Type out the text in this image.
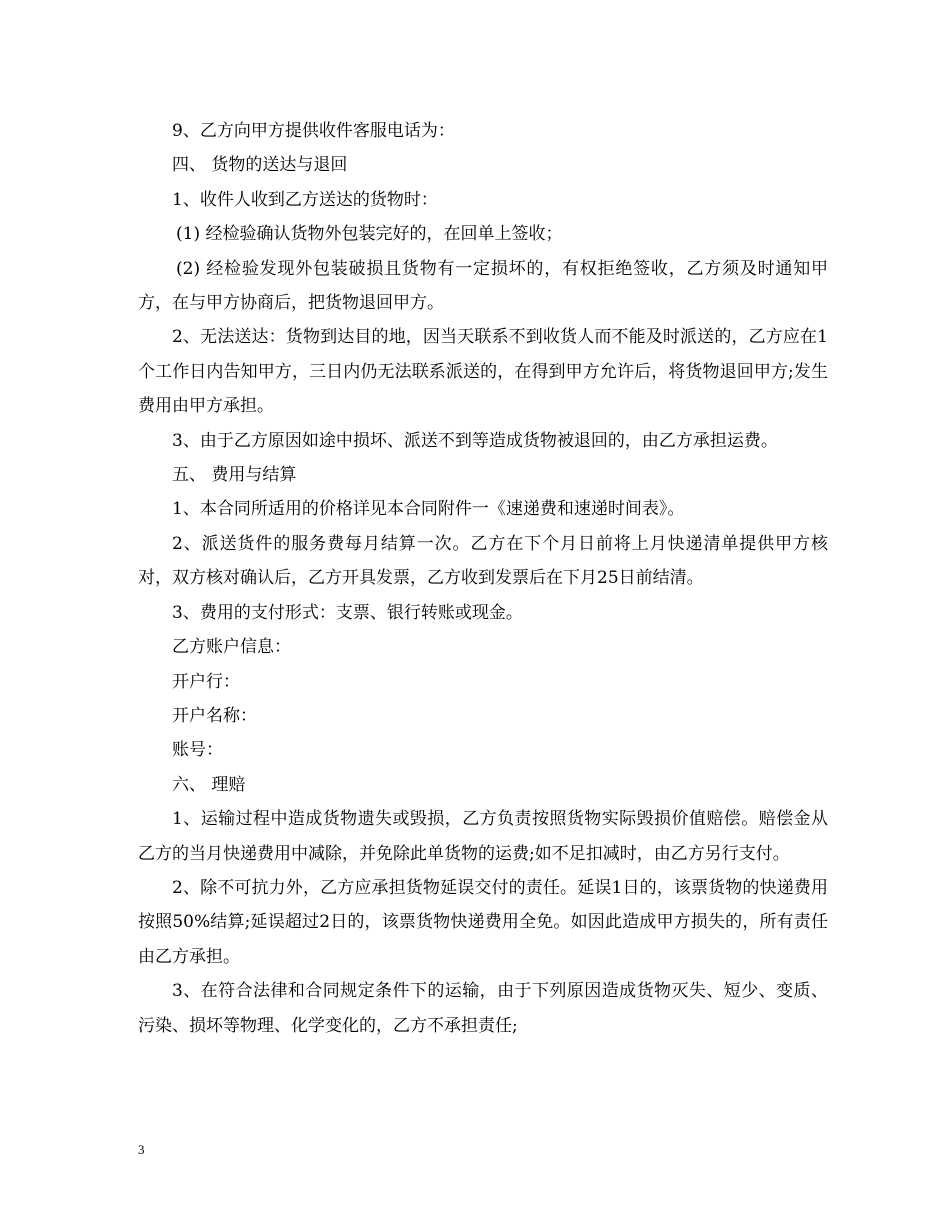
9、乙方向甲方提供收件客服电话为：

四、 货物的送达与退回

1、收件人收到乙方送达的货物时：

(1) 经检验确认货物外包装完好的，在回单上签收；

(2) 经检验发现外包装破损且货物有一定损坏的，有权拒绝签收，乙方须及时通知甲方，在与甲方协商后，把货物退回甲方。

2、无法送达：货物到达目的地，因当天联系不到收货人而不能及时派送的，乙方应在1个工作日内告知甲方，三日内仍无法联系派送的，在得到甲方允许后，将货物退回甲方;发生费用由甲方承担。

3、由于乙方原因如途中损坏、派送不到等造成货物被退回的，由乙方承担运费。

五、 费用与结算

1、本合同所适用的价格详见本合同附件一《速递费和速递时间表》。

2、派送货件的服务费每月结算一次。乙方在下个月日前将上月快递清单提供甲方核对，双方核对确认后，乙方开具发票，乙方收到发票后在下月25日前结清。

3、费用的支付形式：支票、银行转账或现金。

乙方账户信息：

开户行：

开户名称：

账号：

六、 理赔

1、运输过程中造成货物遗失或毁损，乙方负责按照货物实际毁损价值赔偿。赔偿金从乙方的当月快递费用中减除，并免除此单货物的运费;如不足扣减时，由乙方另行支付。

2、除不可抗力外，乙方应承担货物延误交付的责任。延误1日的，该票货物的快递费用按照50%结算;延误超过2日的，该票货物快递费用全免。如因此造成甲方损失的，所有责任由乙方承担。

3、在符合法律和合同规定条件下的运输，由于下列原因造成货物灭失、短少、变质、污染、损坏等物理、化学变化的，乙方不承担责任;

3
